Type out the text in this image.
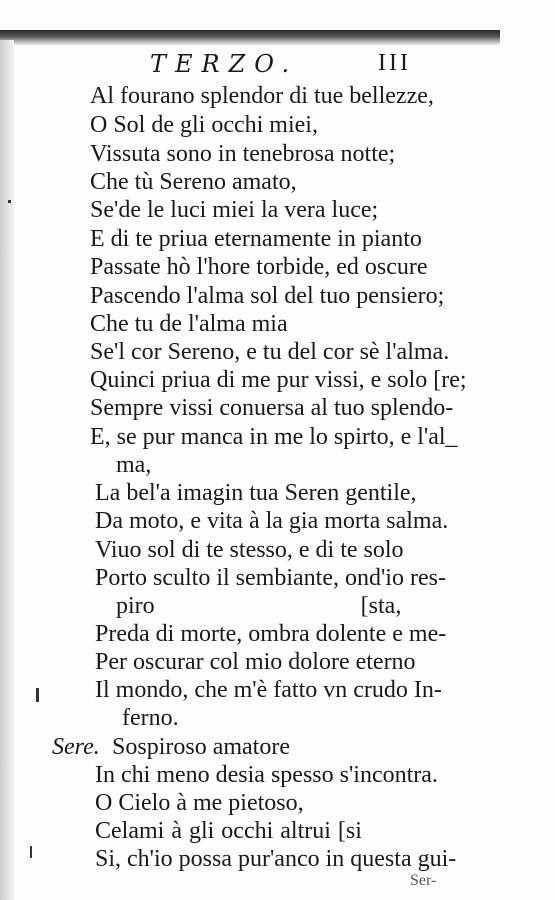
TERZO.	III
Al fourano splendor di tue bellezze,
O Sol de gli occhi miei,
Vissuta sono in tenebrosa notte;
Che tù Sereno amato,
Se'de le luci miei la vera luce;
E di te priua eternamente in pianto
Passate hò l'hore torbide, ed oscure
Pascendo l'alma sol del tuo pensiero;
Che tu de l'alma mia
Se'l cor Sereno, e tu del cor sè l'alma.
Quinci priua di me pur vissi, e solo [re;
Sempre vissi conuersa al tuo splendo-
E, se pur manca in me lo spirto, e l'al_
ma,
La bel'a imagin tua Seren gentile,
Da moto, e vita à la gia morta salma.
Viuo sol di te stesso, e di te solo
Porto sculto il sembiante, ond'io res-
piro [sta,
Preda di morte, ombra dolente e me-
Per oscurar col mio dolore eterno
Il mondo, che m'è fatto vn crudo In-
ferno.
Sere. Sospiroso amatore
In chi meno desia spesso s'incontra.
O Cielo à me pietoso,
Celami à gli occhi altrui [si
Si, ch'io possa pur'anco in questa gui-
Ser-
